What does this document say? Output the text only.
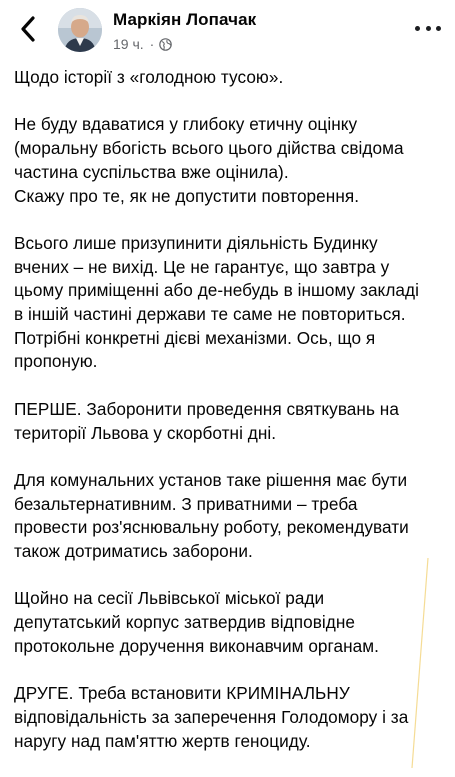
Маркіян Лопачак
19 ч. ·

Щодо історії з «голодною тусою».

Не буду вдаватися у глибоку етичну оцінку
(моральну вбогість всього цього дійства свідома
частина суспільства вже оцінила).
Скажу про те, як не допустити повторення.

Всього лише призупинити діяльність Будинку
вчених – не вихід. Це не гарантує, що завтра у
цьому приміщенні або де-небудь в іншому закладі
в іншій частині держави те саме не повториться.
Потрібні конкретні дієві механізми. Ось, що я
пропоную.

ПЕРШЕ. Заборонити проведення святкувань на
території Львова у скорботні дні.

Для комунальних установ таке рішення має бути
безальтернативним. З приватними – треба
провести роз'яснювальну роботу, рекомендувати
також дотриматись заборони.

Щойно на сесії Львівської міської ради
депутатський корпус затвердив відповідне
протокольне доручення виконавчим органам.

ДРУГЕ. Треба встановити КРИМІНАЛЬНУ
відповідальність за заперечення Голодомору і за
наругу над пам'яттю жертв геноциду.
